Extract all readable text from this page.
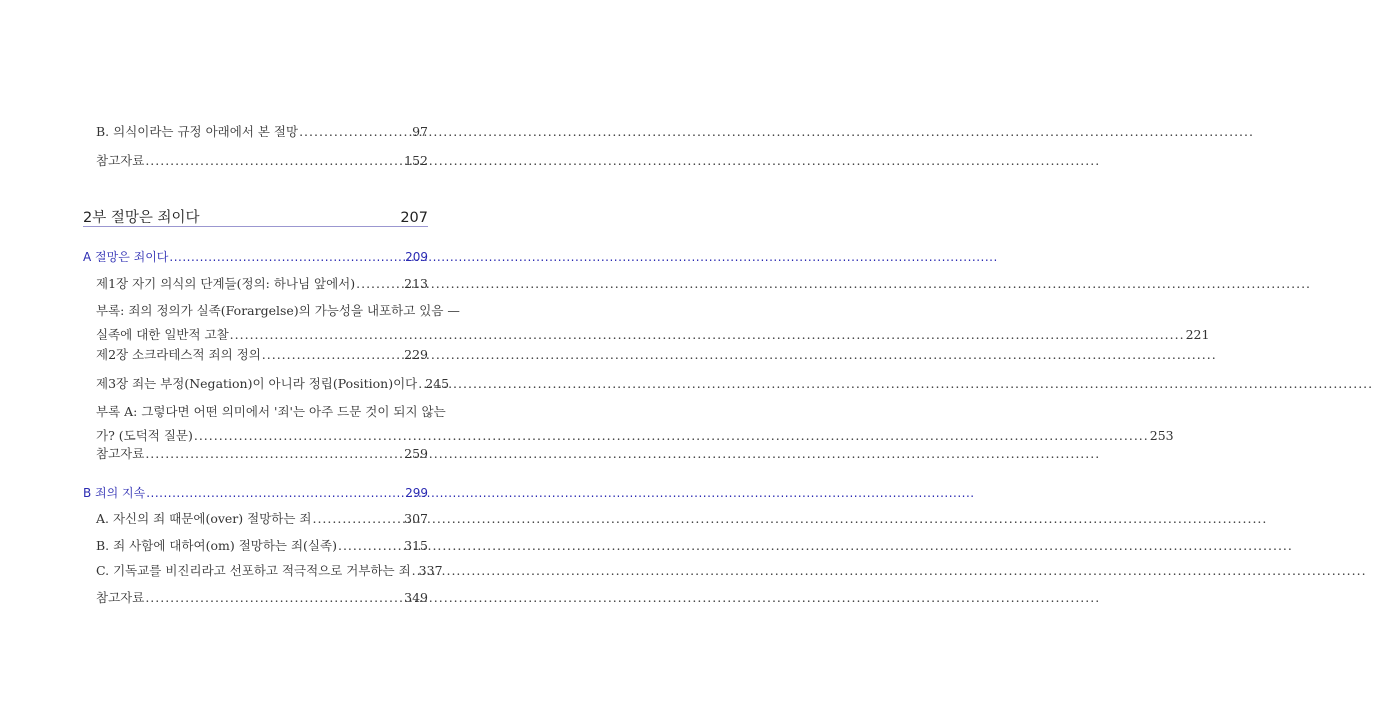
B. 의식이라는 규정 아래에서 본 절망 .....	97
참고자료 .....	152
2부 절망은 죄이다	207
A 절망은 죄이다 .....	209
제1장 자기 의식의 단계들(정의: 하나님 앞에서) .....	213
부록: 죄의 정의가 실족(Forargelse)의 가능성을 내포하고 있음 —
실족에 대한 일반적 고찰 .....	221
제2장 소크라테스적 죄의 정의 .....	229
제3장 죄는 부정(Negation)이 아니라 정립(Position)이다 ..... 245
부록 A: 그렇다면 어떤 의미에서 '죄'는 아주 드문 것이 되지 않는
가? (도덕적 질문) .....	253
참고자료 .....	259
B 죄의 지속 .....	299
A. 자신의 죄 때문에(over) 절망하는 죄 .....	307
B. 죄 사함에 대하여(om) 절망하는 죄(실족) .....	315
C. 기독교를 비진리라고 선포하고 적극적으로 거부하는 죄 ..... 337
참고자료 .....	349
